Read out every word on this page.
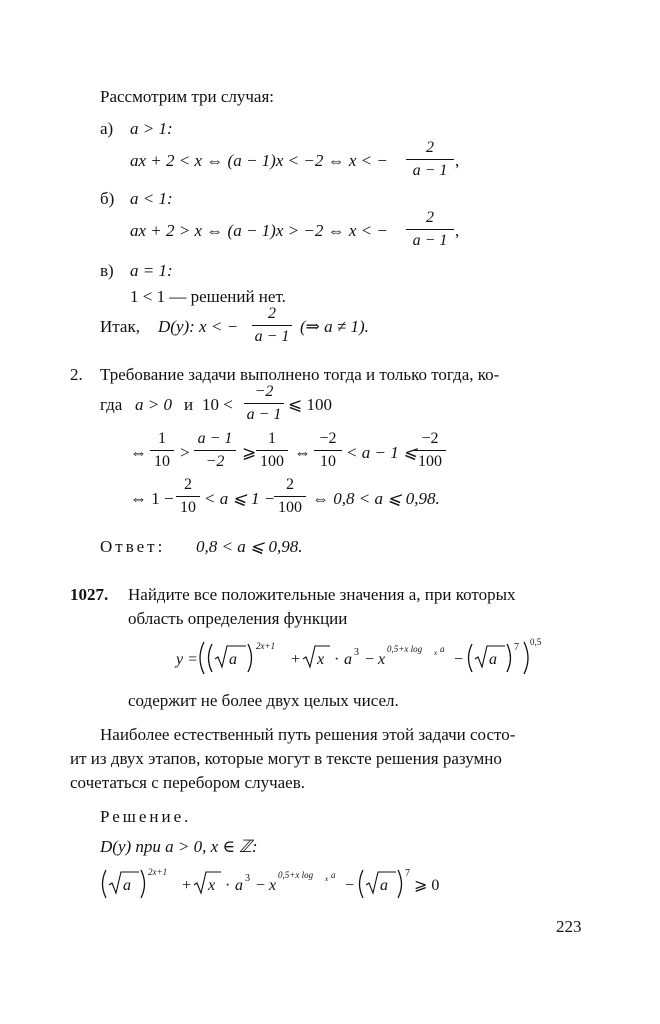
Рассмотрим три случая:
а) a > 1:
ax + 2 < x ⇔ (a − 1)x < −2 ⇔ x < − $\frac{2}{a - 1}$ ,
б) a < 1:
ax + 2 > x ⇔ (a − 1)x > −2 ⇔ x < − $\frac{2}{a - 1}$ ,
в) a = 1:
1 < 1 — решений нет.
Итак, D(y): x < − $\frac{2}{a - 1}$ (⇒ a ≠ 1).
2. Требование задачи выполнено тогда и только тогда, ко-
гда a > 0 и $10 < \frac{-2}{a - 1}$ ⩽ 100
⇔ $\frac{1}{10} > \frac{a - 1}{-2}$ ⩾ $\frac{1}{100}$ ⇔ $\frac{-2}{10} < a - 1$ ⩽
$\frac{-2}{100}$
⇔ $1 - \frac{2}{10} < a$ ⩽ 1 −
$\frac{2}{100}$ ⇔ 0,8 < a ⩽ 0,98.
Ответ: 0,8 < a ⩽ 0,98.
1027. Найдите все положительные значения a, при которых
область определения функции
y = a
2x+1
+ x · a 3 − x
0,5+x log x a
− a
7 0,5
содержит не более двух целых чисел.
Наиболее естественный путь решения этой задачи состо-
ит из двух этапов, которые могут в тексте решения разумно
сочетаться с перебором случаев.
Решение.
D(y) при a > 0, x ∈ ℤ:
a
2x+1
+ x · a 3 − x
0,5+x log x a
− a
7
⩾ 0
223
